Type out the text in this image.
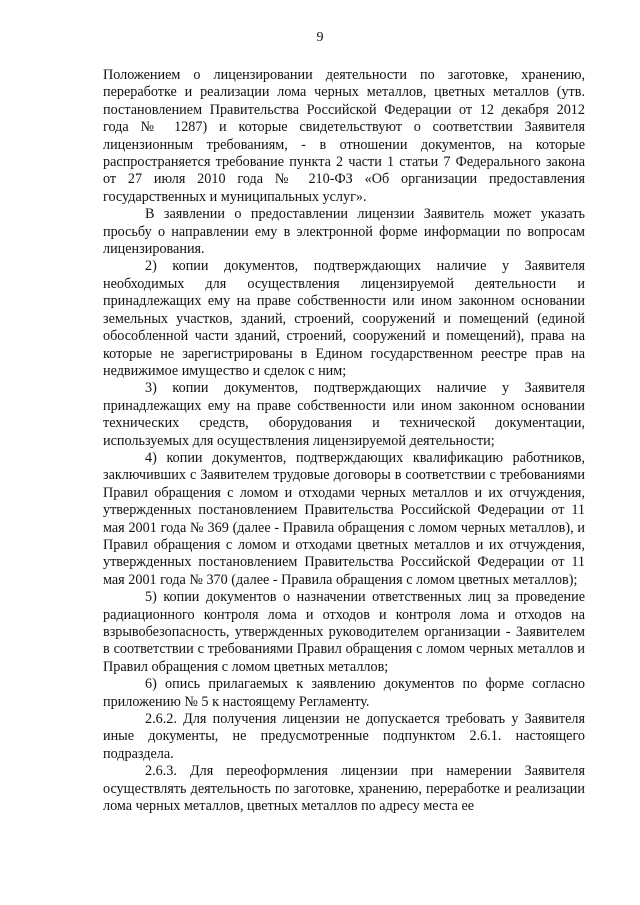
9

Положением о лицензировании деятельности по заготовке, хранению, переработке и реализации лома черных металлов, цветных металлов (утв. постановлением Правительства Российской Федерации от 12 декабря 2012 года № 1287) и которые свидетельствуют о соответствии Заявителя лицензионным требованиям, - в отношении документов, на которые распространяется требование пункта 2 части 1 статьи 7 Федерального закона от 27 июля 2010 года № 210-ФЗ «Об организации предоставления государственных и муниципальных услуг».

В заявлении о предоставлении лицензии Заявитель может указать просьбу о направлении ему в электронной форме информации по вопросам лицензирования.

2) копии документов, подтверждающих наличие у Заявителя необходимых для осуществления лицензируемой деятельности и принадлежащих ему на праве собственности или ином законном основании земельных участков, зданий, строений, сооружений и помещений (единой обособленной части зданий, строений, сооружений и помещений), права на которые не зарегистрированы в Едином государственном реестре прав на недвижимое имущество и сделок с ним;

3) копии документов, подтверждающих наличие у Заявителя принадлежащих ему на праве собственности или ином законном основании технических средств, оборудования и технической документации, используемых для осуществления лицензируемой деятельности;

4) копии документов, подтверждающих квалификацию работников, заключивших с Заявителем трудовые договоры в соответствии с требованиями Правил обращения с ломом и отходами черных металлов и их отчуждения, утвержденных постановлением Правительства Российской Федерации от 11 мая 2001 года № 369 (далее - Правила обращения с ломом черных металлов), и Правил обращения с ломом и отходами цветных металлов и их отчуждения, утвержденных постановлением Правительства Российской Федерации от 11 мая 2001 года № 370 (далее - Правила обращения с ломом цветных металлов);

5) копии документов о назначении ответственных лиц за проведение радиационного контроля лома и отходов и контроля лома и отходов на взрывобезопасность, утвержденных руководителем организации - Заявителем в соответствии с требованиями Правил обращения с ломом черных металлов и Правил обращения с ломом цветных металлов;

6) опись прилагаемых к заявлению документов по форме согласно приложению № 5 к настоящему Регламенту.

2.6.2. Для получения лицензии не допускается требовать у Заявителя иные документы, не предусмотренные подпунктом 2.6.1. настоящего подраздела.

2.6.3. Для переоформления лицензии при намерении Заявителя осуществлять деятельность по заготовке, хранению, переработке и реализации лома черных металлов, цветных металлов по адресу места ее
